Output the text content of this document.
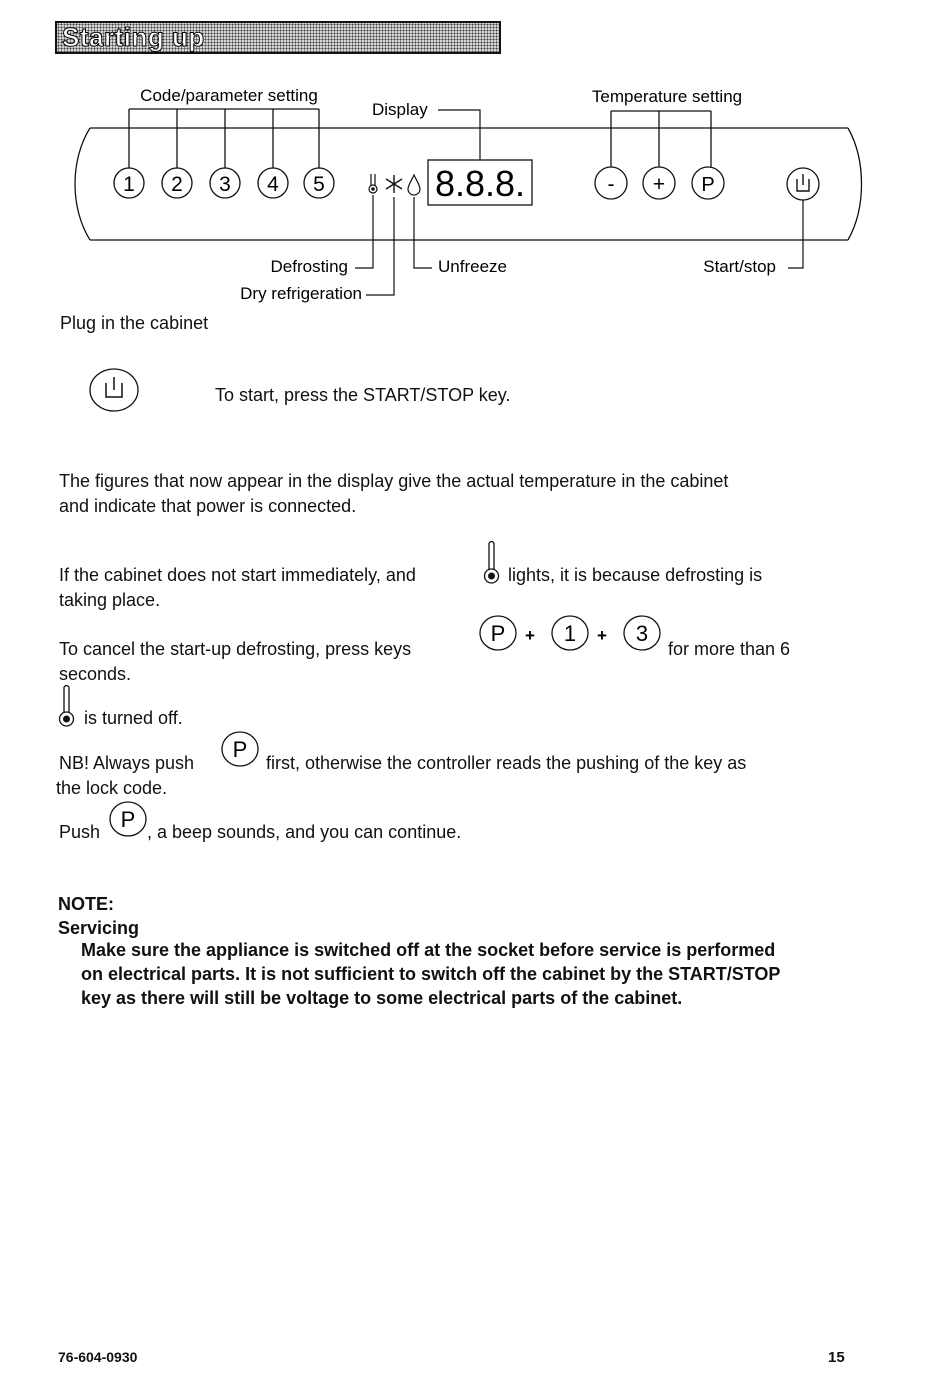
Starting up
1 2 3 4 5
Code/parameter setting
8.8.8.
Display
- + P
Temperature setting
Start/stop
Defrosting
Dry refrigeration
Unfreeze
Plug in the cabinet
To start, press the START/STOP key.
The figures that now appear in the display give the actual temperature in the cabinet
and indicate that power is connected.
If the cabinet does not start immediately, and	lights, it is because defrosting is
taking place.
To cancel the start-up defrosting, press keys
P + 1 + 3
for more than 6
seconds.
is turned off.
NB! Always push
P
first, otherwise the controller reads the pushing of the key as
the lock code.
Push P , a beep sounds, and you can continue.
NOTE:
Servicing
Make sure the appliance is switched off at the socket before service is performed
on electrical parts. It is not sufficient to switch off the cabinet by the START/STOP
key as there will still be voltage to some electrical parts of the cabinet.
76-604-0930	15
